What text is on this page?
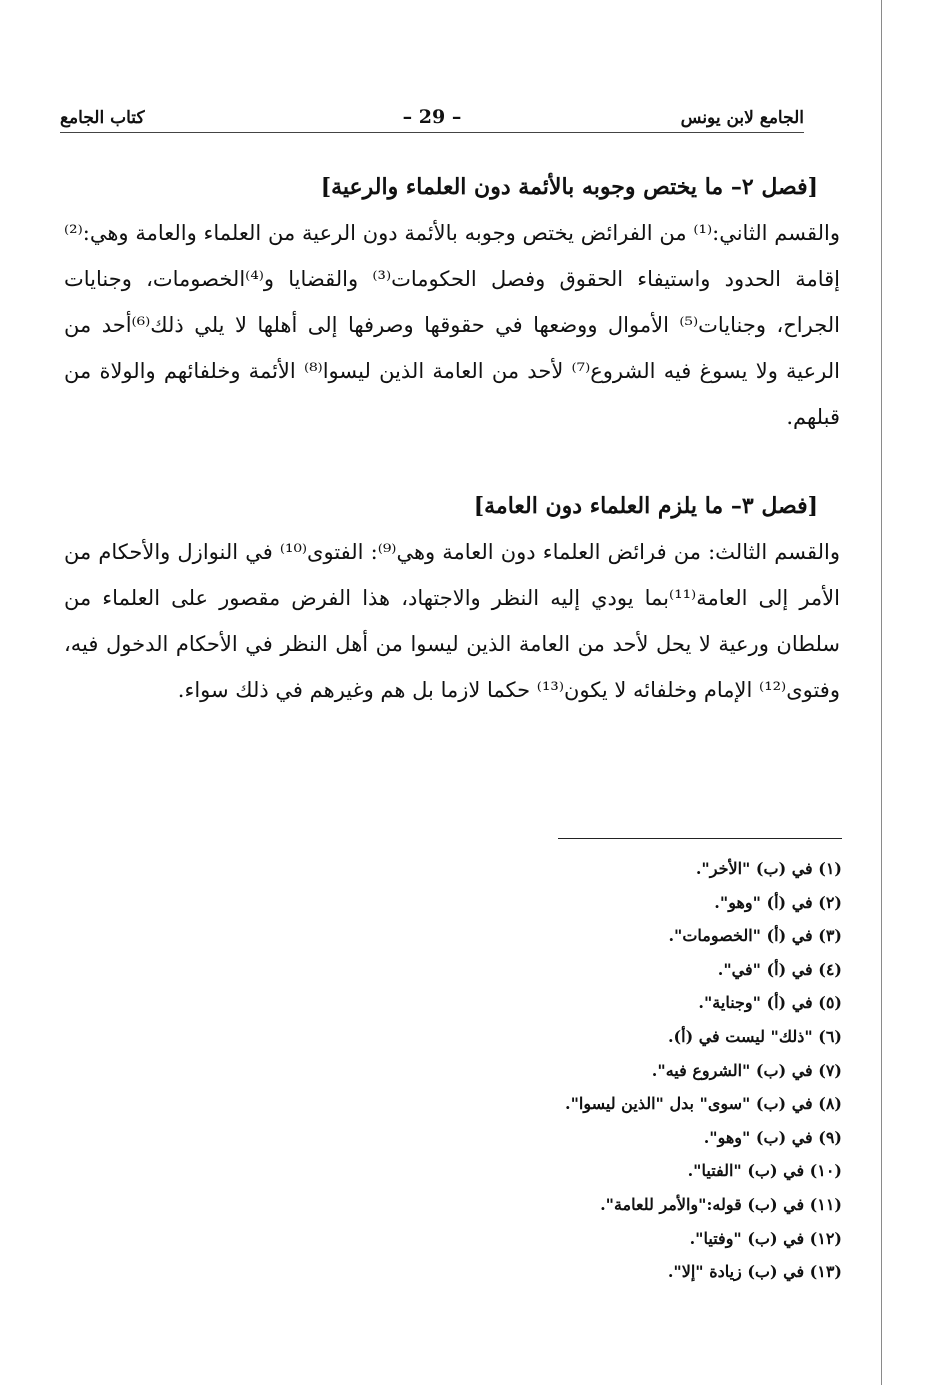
الجامع لابن يونس
– 29 –
كتاب الجامع

[فصل ٢– ما يختص وجوبه بالأئمة دون العلماء والرعية]

والقسم الثاني:⁽¹⁾ من الفرائض يختص وجوبه بالأئمة دون الرعية من العلماء والعامة وهي:⁽²⁾ إقامة الحدود واستيفاء الحقوق وفصل الحكومات⁽³⁾ والقضايا و⁽⁴⁾الخصومات، وجنايات الجراح، وجنايات⁽⁵⁾ الأموال ووضعها في حقوقها وصرفها إلى أهلها لا يلي ذلك⁽⁶⁾أحد من الرعية ولا يسوغ فيه الشروع⁽⁷⁾ لأحد من العامة الذين ليسوا⁽⁸⁾ الأئمة وخلفائهم والولاة من قبلهم.

[فصل ٣– ما يلزم العلماء دون العامة]

والقسم الثالث: من فرائض العلماء دون العامة وهي⁽⁹⁾: الفتوى⁽¹⁰⁾ في النوازل والأحكام من الأمر إلى العامة⁽¹¹⁾بما يودي إليه النظر والاجتهاد، هذا الفرض مقصور على العلماء من سلطان ورعية لا يحل لأحد من العامة الذين ليسوا من أهل النظر في الأحكام الدخول فيه، وفتوى⁽¹²⁾ الإمام وخلفائه لا يكون⁽¹³⁾ حكما لازما بل هم وغيرهم في ذلك سواء.

(١) في (ب) "الأخر".
(٢) في (أ) "وهو".
(٣) في (أ) "الخصومات".
(٤) في (أ) "في".
(٥) في (أ) "وجناية".
(٦) "ذلك" ليست في (أ).
(٧) في (ب) "الشروع فيه".
(٨) في (ب) "سوى" بدل "الذين ليسوا".
(٩) في (ب) "وهو".
(١٠) في (ب) "الفتيا".
(١١) في (ب) قوله:"والأمر للعامة".
(١٢) في (ب) "وفتيا".
(١٣) في (ب) زيادة "إلا".
